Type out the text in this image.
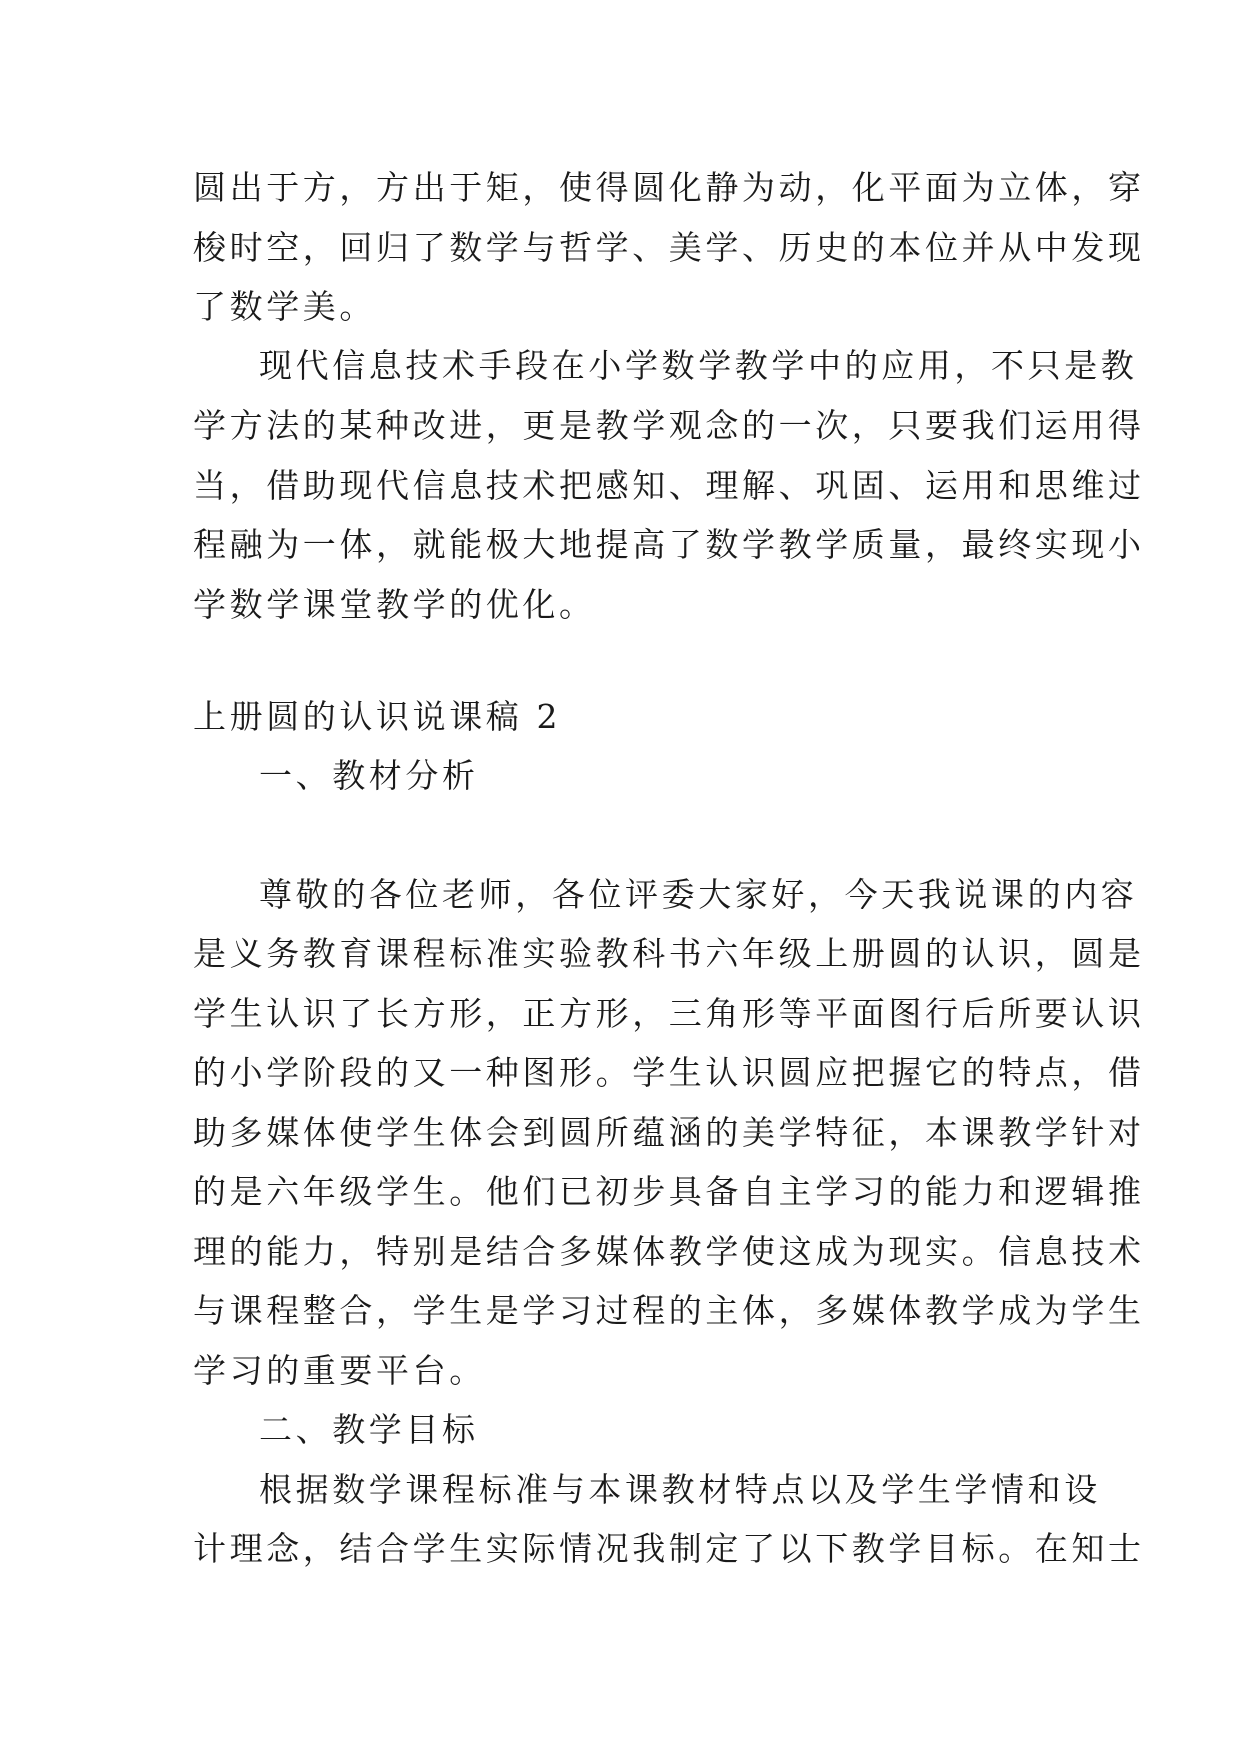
圆出于方，方出于矩，使得圆化静为动，化平面为立体，穿
梭时空，回归了数学与哲学、美学、历史的本位并从中发现
了数学美。
现代信息技术手段在小学数学教学中的应用，不只是教
学方法的某种改进，更是教学观念的一次，只要我们运用得
当，借助现代信息技术把感知、理解、巩固、运用和思维过
程融为一体，就能极大地提高了数学教学质量，最终实现小
学数学课堂教学的优化。
上册圆的认识说课稿 2
一、教材分析
尊敬的各位老师，各位评委大家好，今天我说课的内容
是义务教育课程标准实验教科书六年级上册圆的认识，圆是
学生认识了长方形，正方形，三角形等平面图行后所要认识
的小学阶段的又一种图形。学生认识圆应把握它的特点，借
助多媒体使学生体会到圆所蕴涵的美学特征，本课教学针对
的是六年级学生。他们已初步具备自主学习的能力和逻辑推
理的能力，特别是结合多媒体教学使这成为现实。信息技术
与课程整合，学生是学习过程的主体，多媒体教学成为学生
学习的重要平台。
二、教学目标
根据数学课程标准与本课教材特点以及学生学情和设
计理念，结合学生实际情况我制定了以下教学目标。在知士
